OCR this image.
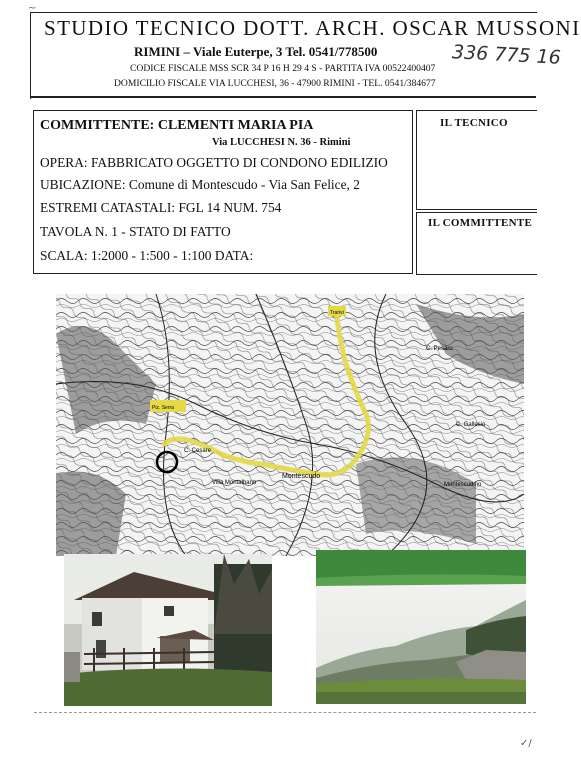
~
STUDIO TECNICO DOTT. ARCH. OSCAR MUSSONI
RIMINI – Viale Euterpe, 3 Tel. 0541/778500	336 775 16
CODICE FISCALE MSS SCR 34 P 16 H 29 4 S - PARTITA IVA 00522400407
DOMICILIO FISCALE VIA LUCCHESI, 36 - 47900 RIMINI - TEL. 0541/384677
COMMITTENTE: CLEMENTI MARIA PIA
Via LUCCHESI N. 36 - Rimini
OPERA: FABBRICATO OGGETTO DI CONDONO EDILIZIO
UBICAZIONE: Comune di Montescudo - Via San Felice, 2
ESTREMI CATASTALI: FGL 14 NUM. 754
TAVOLA N. 1 - STATO DI FATTO
SCALA: 1:2000 - 1:500 - 1:100 DATA:
IL TECNICO
IL COMMITTENTE
Montescudo
Montescudino
Villa Montalbano
C. Cesare
C. Pesaro
C. Gallesio
Trarivi
Piz. Serra
✓/
